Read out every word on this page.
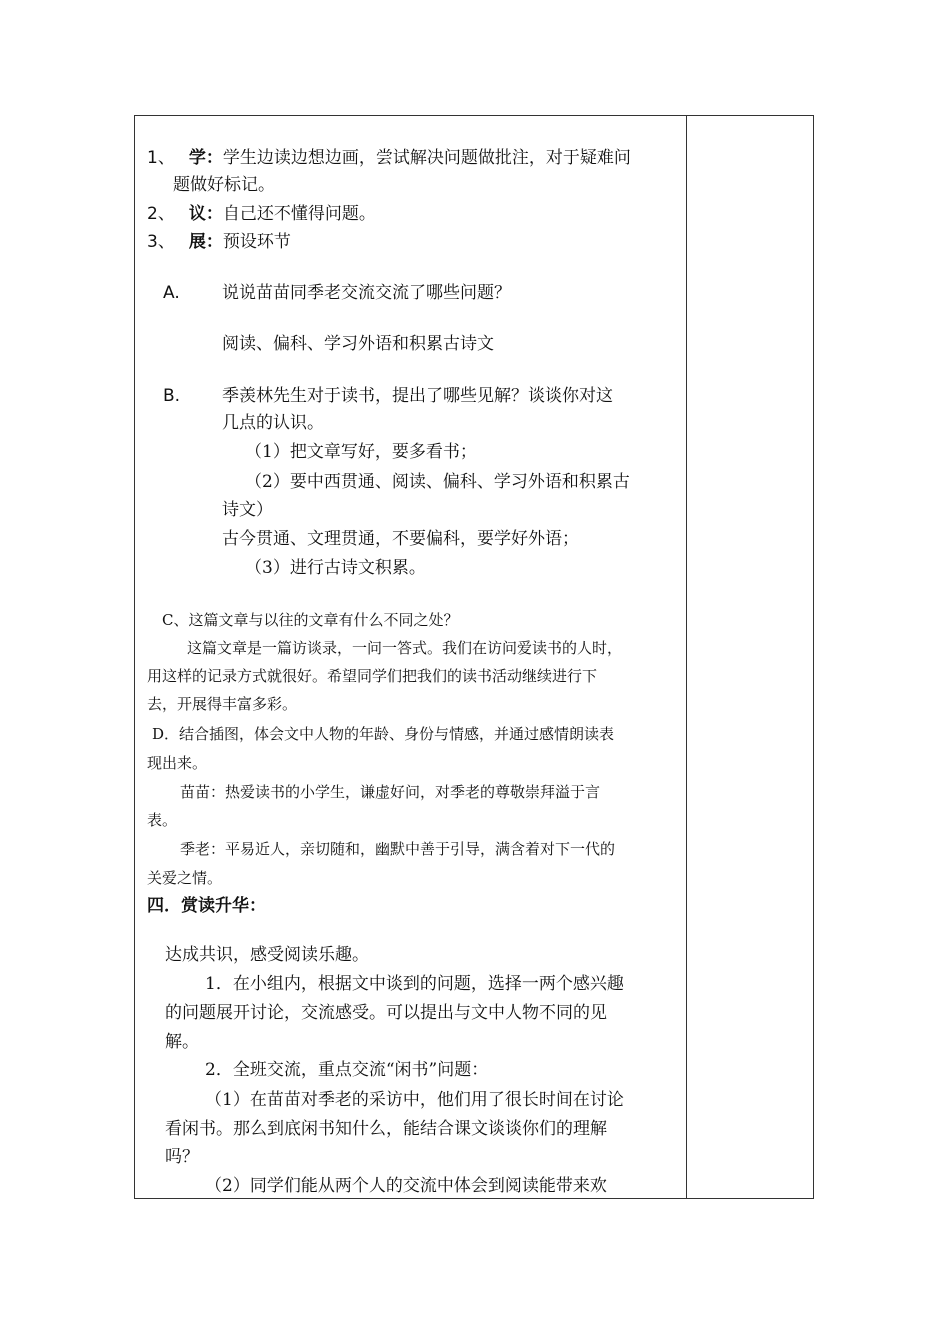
1、 学：学生边读边想边画，尝试解决问题做批注，对于疑难问
题做好标记。
2、 议：自己还不懂得问题。
3、 展：预设环节
A. 说说苗苗同季老交流交流了哪些问题？
阅读、偏科、学习外语和积累古诗文
B. 季羡林先生对于读书，提出了哪些见解？谈谈你对这
几点的认识。
（1）把文章写好，要多看书；
（2）要中西贯通、阅读、偏科、学习外语和积累古
诗文）
古今贯通、文理贯通，不要偏科，要学好外语；
（3）进行古诗文积累。
C、这篇文章与以往的文章有什么不同之处？
这篇文章是一篇访谈录，一问一答式。我们在访问爱读书的人时，
用这样的记录方式就很好。希望同学们把我们的读书活动继续进行下
去，开展得丰富多彩。
D．结合插图，体会文中人物的年龄、身份与情感，并通过感情朗读表
现出来。
苗苗：热爱读书的小学生，谦虚好问，对季老的尊敬崇拜溢于言
表。
季老：平易近人，亲切随和，幽默中善于引导，满含着对下一代的
关爱之情。
四．赏读升华：
达成共识，感受阅读乐趣。
1．在小组内，根据文中谈到的问题，选择一两个感兴趣
的问题展开讨论，交流感受。可以提出与文中人物不同的见
解。
2．全班交流，重点交流“闲书”问题：
（1）在苗苗对季老的采访中，他们用了很长时间在讨论
看闲书。那么到底闲书知什么，能结合课文谈谈你们的理解
吗？
（2）同学们能从两个人的交流中体会到阅读能带来欢
